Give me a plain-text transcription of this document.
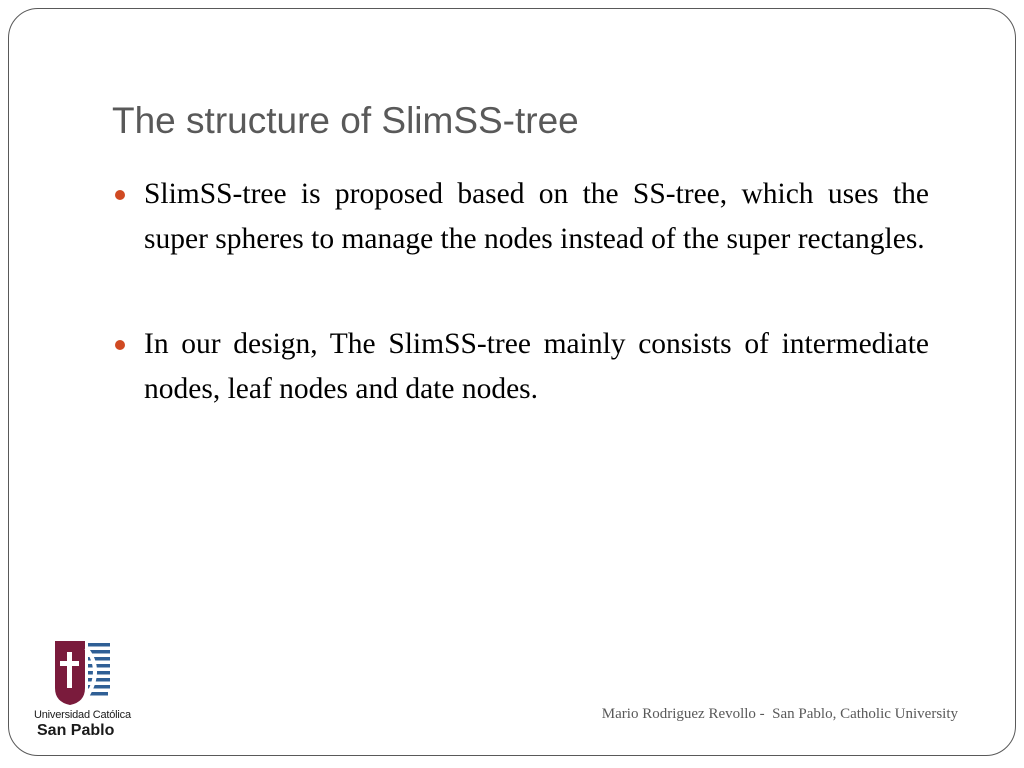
The structure of SlimSS-tree
SlimSS-tree is proposed based on the SS-tree, which uses the super spheres to manage the nodes instead of the super rectangles.
In our design, The SlimSS-tree mainly consists of intermediate nodes, leaf nodes and date nodes.
Universidad Católica
San Pablo
Mario Rodriguez Revollo -  San Pablo, Catholic University
